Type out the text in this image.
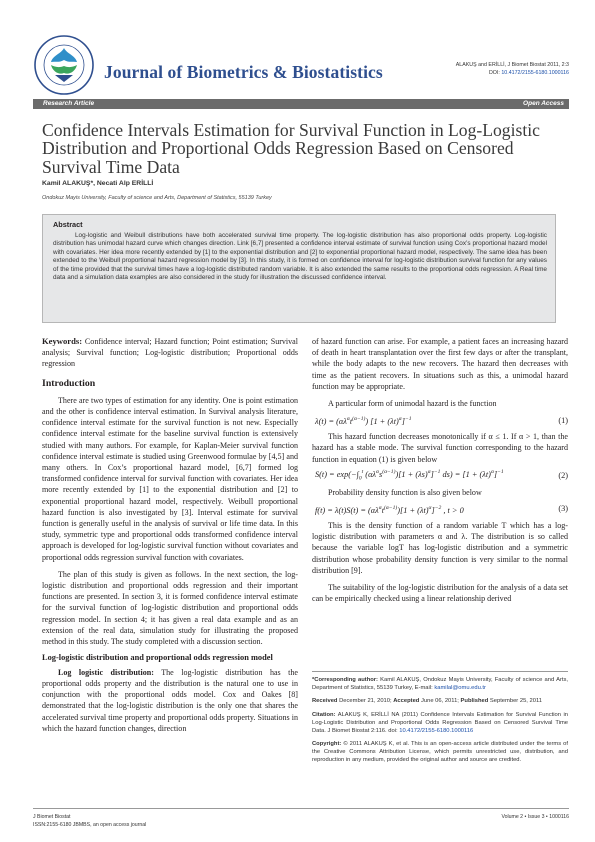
Journal of Biometrics & Biostatistics	ALAKUŞ and ERİLLİ, J Biomet Biostat 2011, 2:3
DOI: 10.4172/2155-6180.1000116
Research Article	Open Access
Confidence Intervals Estimation for Survival Function in Log-Logistic Distribution and Proportional Odds Regression Based on Censored Survival Time Data
Kamil ALAKUŞ*, Necati Alp ERİLLİ
Ondokuz Mayis University, Faculty of science and Arts, Department of Statistics, 55139 Turkey
Abstract

Log-logistic and Weibull distributions have both accelerated survival time property. The log-logistic distribution has also proportional odds property. Log-logistic distribution has unimodal hazard curve which changes direction. Link [6,7] presented a confidence interval estimate of survival function using Cox’s proportional hazard model with covariates. Her idea more recently extended by [1] to the exponential distribution and [2] to exponential proportional hazard model, respectively. The same idea has been extended to the Weibull proportional hazard regression model by [3]. In this study, it is formed on confidence interval for log-logistic distribution survival function for any values of the time provided that the survival times have a log-logistic distributed random variable. It is also extended the same results to the proportional odds regression. A Real time data and a simulation data examples are also considered in the study for illustration the discussed confidence interval.

Keywords: Confidence interval; Hazard function; Point estimation; Survival analysis; Survival function; Log-logistic distribution; Proportional odds regression

Introduction

There are two types of estimation for any identity. One is point estimation and the other is confidence interval estimation. In Survival analysis literature, confidence interval estimate for the survival function is not new. Especially confidence interval estimate for the baseline survival function is extensively studied with many authors. For example, for Kaplan-Meier survival function confidence interval estimate is studied using Greenwood formulae by [4,5] and many others. In Cox’s proportional hazard model, [6,7] formed log transformed confidence interval for survival function with covariates. Her idea more recently extended by [1] to the exponential distribution and [2] to exponential proportional hazard model, respectively. Weibull proportional hazard function is also investigated by [3]. Interval estimate for survival function is generally useful in the analysis of survival or life time data. In this study, symmetric type and proportional odds transformed confidence interval approach is developed for log-logistic survival function without covariates and proportional odds regression survival function with covariates.

The plan of this study is given as follows. In the next section, the log-logistic distribution and proportional odds regression and their important functions are presented. In section 3, it is formed confidence interval estimate for the survival function of log-logistic distribution and proportional odds regression model. In section 4; it has given a real data example and as an extension of the real data, simulation study for illustrating the proposed method in this study. The study completed with a discussion section.

Log-logistic distribution and proportional odds regression model

Log logistic distribution: The log-logistic distribution has the proportional odds property and the distribution is the natural one to use in conjunction with the proportional odds model. Cox and Oakes [8] demonstrated that the log-logistic distribution is the only one that shares the accelerated survival time property and proportional odds property. Situations in which the hazard function changes, direction

of hazard function can arise. For example, a patient faces an increasing hazard of death in heart transplantation over the first few days or after the transplant, while the body adapts to the new recovers. The hazard then decreases with time as the patient recovers. In situations such as this, a unimodal hazard function may be appropriate.

A particular form of unimodal hazard is the function

$\lambda(t) = (\alpha\lambda^\alpha t^{(\alpha-1)}) [1 + (\lambda t)^\alpha]^{-1}$	(1)

This hazard function decreases monotonically if α ≤ 1. If α > 1, than the hazard has a stable mode. The survival function corresponding to the hazard function in equation (1) is given below

$S(t) = \exp(-\int_0^t$ $(\alpha\lambda^\alpha s^{(\alpha-1)})[1 + (\lambda s)^\alpha]^{-1}$ $ds) = [1 + (\lambda t)^\alpha]^{-1}$	(2)

Probability density function is also given below

$f(t) = \lambda(t)S(t) = (\alpha\lambda^\alpha t^{(\alpha-1)})[1 + (\lambda t)^\alpha]^{-2}$ , t > 0	(3)

This is the density function of a random variable T which has a log-logistic distribution with parameters α and λ. The distribution is so called because the variable logT has log-logistic distribution and a symmetric distribution whose probability density function is very similar to the normal distribution [9].

The suitability of the log-logistic distribution for the analysis of a data set can be empirically checked using a linear relationship derived

*Corresponding author: Kamil ALAKUŞ, Ondokuz Mayis University, Faculty of science and Arts, Department of Statistics, 55139 Turkey, E-mail: kamilal@omu.edu.tr

Received December 21, 2010; Accepted June 06, 2011; Published September 25, 2011

Citation: ALAKUŞ K, ERİLLİ NA (2011) Confidence Intervals Estimation for Survival Function in Log-Logistic Distribution and Proportional Odds Regression Based on Censored Survival Time Data. J Biomet Biostat 2:116. doi: 10.4172/2155-6180.1000116

Copyright: © 2011 ALAKUŞ K, et al. This is an open-access article distributed under the terms of the Creative Commons Attribution License, which permits unrestricted use, distribution, and reproduction in any medium, provided the original author and source are credited.

J Biomet Biostat
ISSN:2155-6180 JBMBS, an open access journal
Volume 2 • Issue 3 • 1000116
